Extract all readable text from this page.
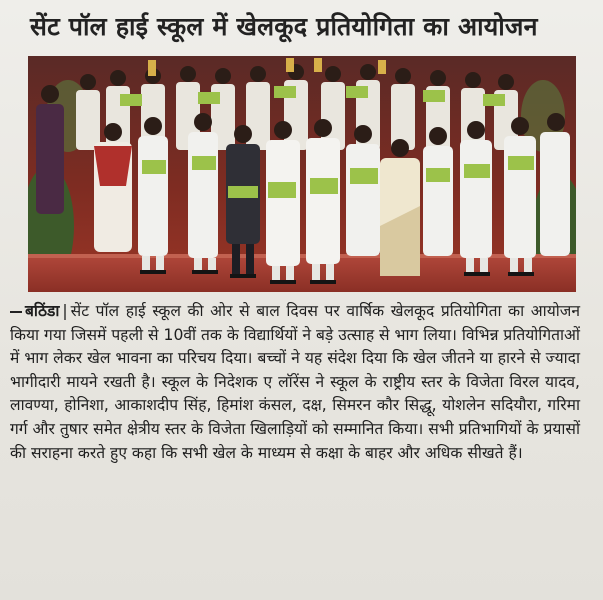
सेंट पॉल हाई स्कूल में खेलकूद प्रतियोगिता का आयोजन
बठिंडा | सेंट पॉल हाई स्कूल की ओर से बाल दिवस पर वार्षिक खेलकूद प्रतियोगिता का आयोजन किया गया जिसमें पहली से 10वीं तक के विद्यार्थियों ने बड़े उत्साह से भाग लिया। विभिन्न प्रतियोगिताओं में भाग लेकर खेल भावना का परिचय दिया। बच्चों ने यह संदेश दिया कि खेल जीतने या हारने से ज्यादा भागीदारी मायने रखती है। स्कूल के निदेशक ए लॉरेंस ने स्कूल के राष्ट्रीय स्तर के विजेता विरल यादव, लावण्या, होनिशा, आकाशदीप सिंह, हिमांश कंसल, दक्ष, सिमरन कौर सिद्धू, योशलेन सदियौरा, गरिमा गर्ग और तुषार समेत क्षेत्रीय स्तर के विजेता खिलाड़ियों को सम्मानित किया। सभी प्रतिभागियों के प्रयासों की सराहना करते हुए कहा कि सभी खेल के माध्यम से कक्षा के बाहर और अधिक सीखते हैं।
